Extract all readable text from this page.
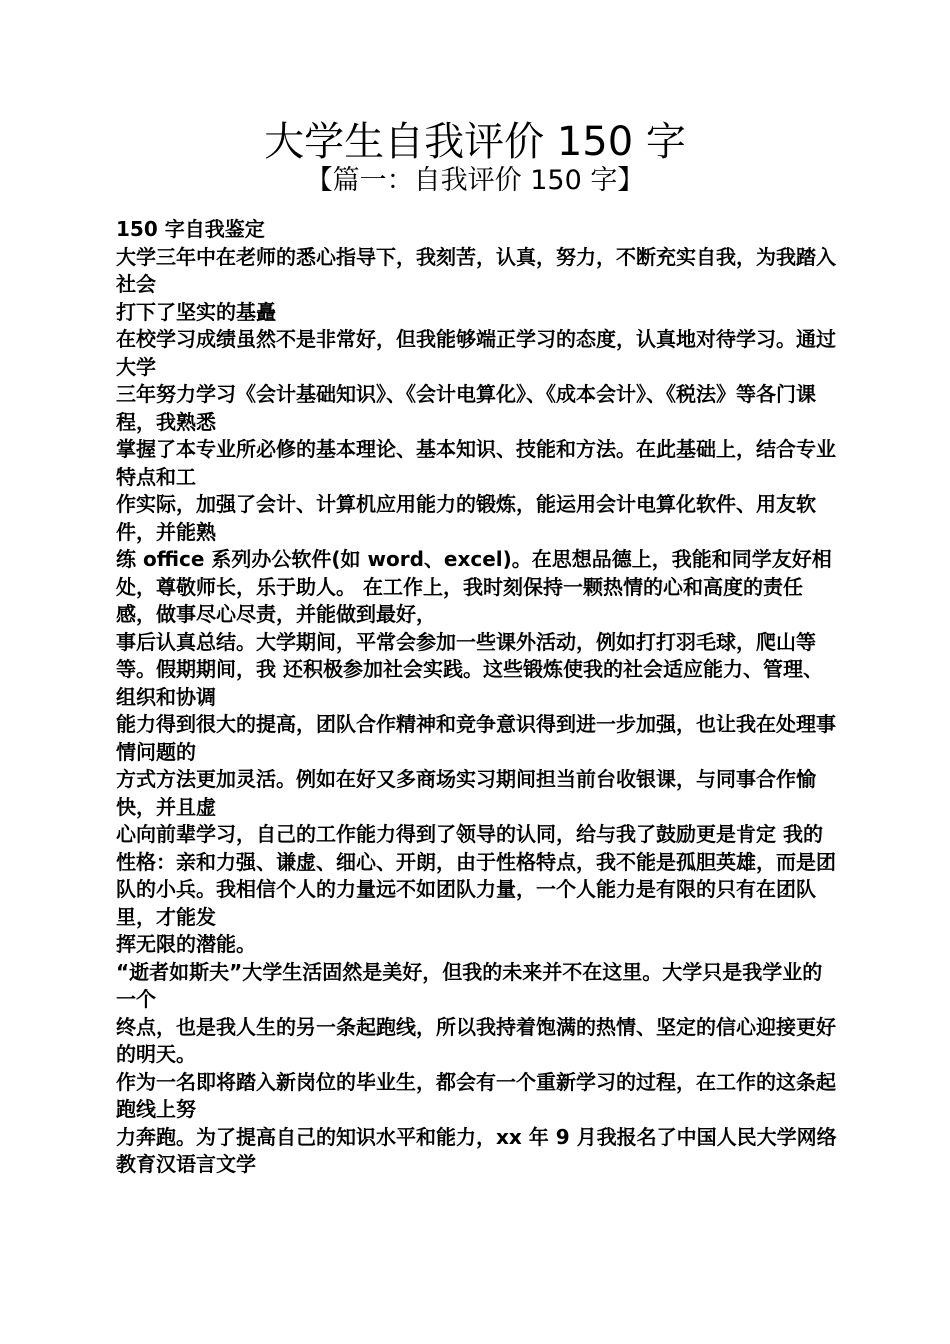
大学生自我评价 150 字
【篇一：自我评价 150 字】

150 字自我鉴定

大学三年中在老师的悉心指导下，我刻苦，认真，努力，不断充实自我，为我踏入社会

打下了坚实的基矗

在校学习成绩虽然不是非常好，但我能够端正学习的态度，认真地对待学习。通过大学

三年努力学习《会计基础知识》、《会计电算化》、《成本会计》、《税法》等各门课程，我熟悉

掌握了本专业所必修的基本理论、基本知识、技能和方法。在此基础上，结合专业特点和工

作实际，加强了会计、计算机应用能力的锻炼，能运用会计电算化软件、用友软件，并能熟

练 office 系列办公软件(如 word、excel)。在思想品德上，我能和同学友好相处，尊敬师长，乐于助人。 在工作上，我时刻保持一颗热情的心和高度的责任感，做事尽心尽责，并能做到最好，

事后认真总结。大学期间，平常会参加一些课外活动，例如打打羽毛球，爬山等等。假期期间，我 还积极参加社会实践。这些锻炼使我的社会适应能力、管理、组织和协调

能力得到很大的提高，团队合作精神和竞争意识得到进一步加强，也让我在处理事情问题的

方式方法更加灵活。例如在好又多商场实习期间担当前台收银课，与同事合作愉快，并且虚

心向前辈学习，自己的工作能力得到了领导的认同，给与我了鼓励更是肯定 我的性格：亲和力强、谦虚、细心、开朗，由于性格特点，我不能是孤胆英雄，而是团

队的小兵。我相信个人的力量远不如团队力量，一个人能力是有限的只有在团队里，才能发

挥无限的潜能。

“逝者如斯夫”大学生活固然是美好，但我的未来并不在这里。大学只是我学业的一个

终点，也是我人生的另一条起跑线，所以我持着饱满的热情、坚定的信心迎接更好的明天。

作为一名即将踏入新岗位的毕业生，都会有一个重新学习的过程，在工作的这条起跑线上努

力奔跑。为了提高自己的知识水平和能力，xx 年 9 月我报名了中国人民大学网络教育汉语言文学
